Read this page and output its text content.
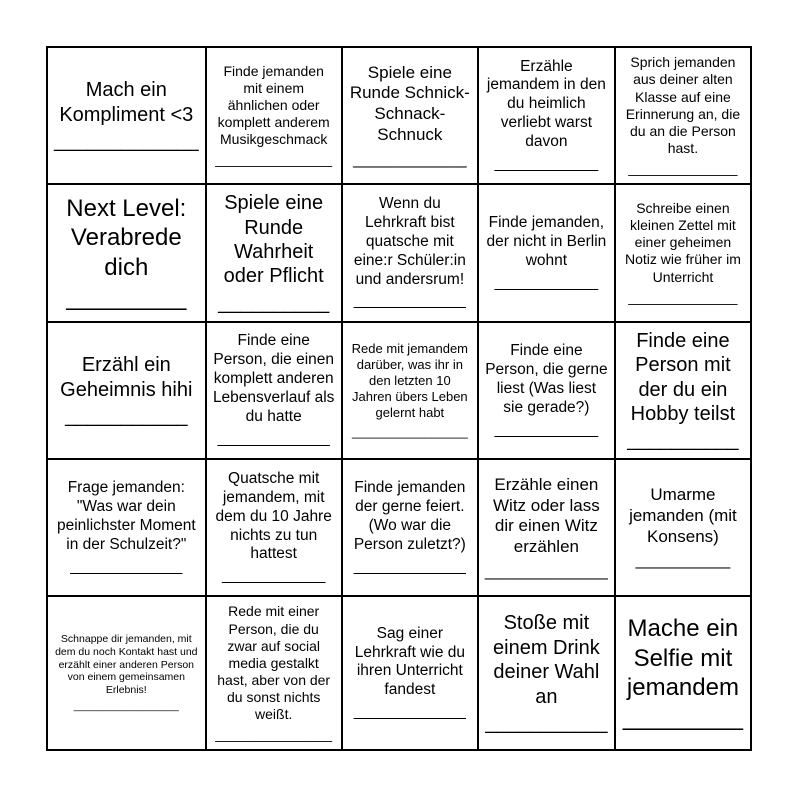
Mach ein Kompliment <3
_____________
Finde jemanden mit einem ähnlichen oder komplett anderem Musikgeschmack
_______________
Spiele eine Runde Schnick-Schnack-Schnuck
____________
Erzähle jemandem in den du heimlich verliebt warst davon
____________
Sprich jemanden aus deiner alten Klasse auf eine Erinnerung an, die du an die Person hast.
______________
Next Level: Verabrede dich
_________
Spiele eine Runde Wahrheit oder Pflicht
__________
Wenn du Lehrkraft bist quatsche mit eine:r Schüler:in und andersrum!
_____________
Finde jemanden, der nicht in Berlin wohnt
____________
Schreibe einen kleinen Zettel mit einer geheimen Notiz wie früher im Unterricht
______________
Erzähl ein Geheimnis hihi
___________
Finde eine Person, die einen komplett anderen Lebensverlauf als du hatte
_____________
Rede mit jemandem darüber, was ihr in den letzten 10 Jahren übers Leben gelernt habt
________________
Finde eine Person, die gerne liest (Was liest sie gerade?)
____________
Finde eine Person mit der du ein Hobby teilst
__________
Frage jemanden: "Was war dein peinlichster Moment in der Schulzeit?"
_____________
Quatsche mit jemandem, mit dem du 10 Jahre nichts zu tun hattest
____________
Finde jemanden der gerne feiert. (Wo war die Person zuletzt?)
_____________
Erzähle einen Witz oder lass dir einen Witz erzählen
_____________
Umarme jemanden (mit Konsens)
__________
Schnappe dir jemanden, mit dem du noch Kontakt hast und erzählt einer anderen Person von einem gemeinsamen Erlebnis!
__________________
Rede mit einer Person, die du zwar auf social media gestalkt hast, aber von der du sonst nichts weißt.
_______________
Sag einer Lehrkraft wie du ihren Unterricht fandest
_____________
Stoße mit einem Drink deiner Wahl an
___________
Mache ein Selfie mit jemandem
_________
